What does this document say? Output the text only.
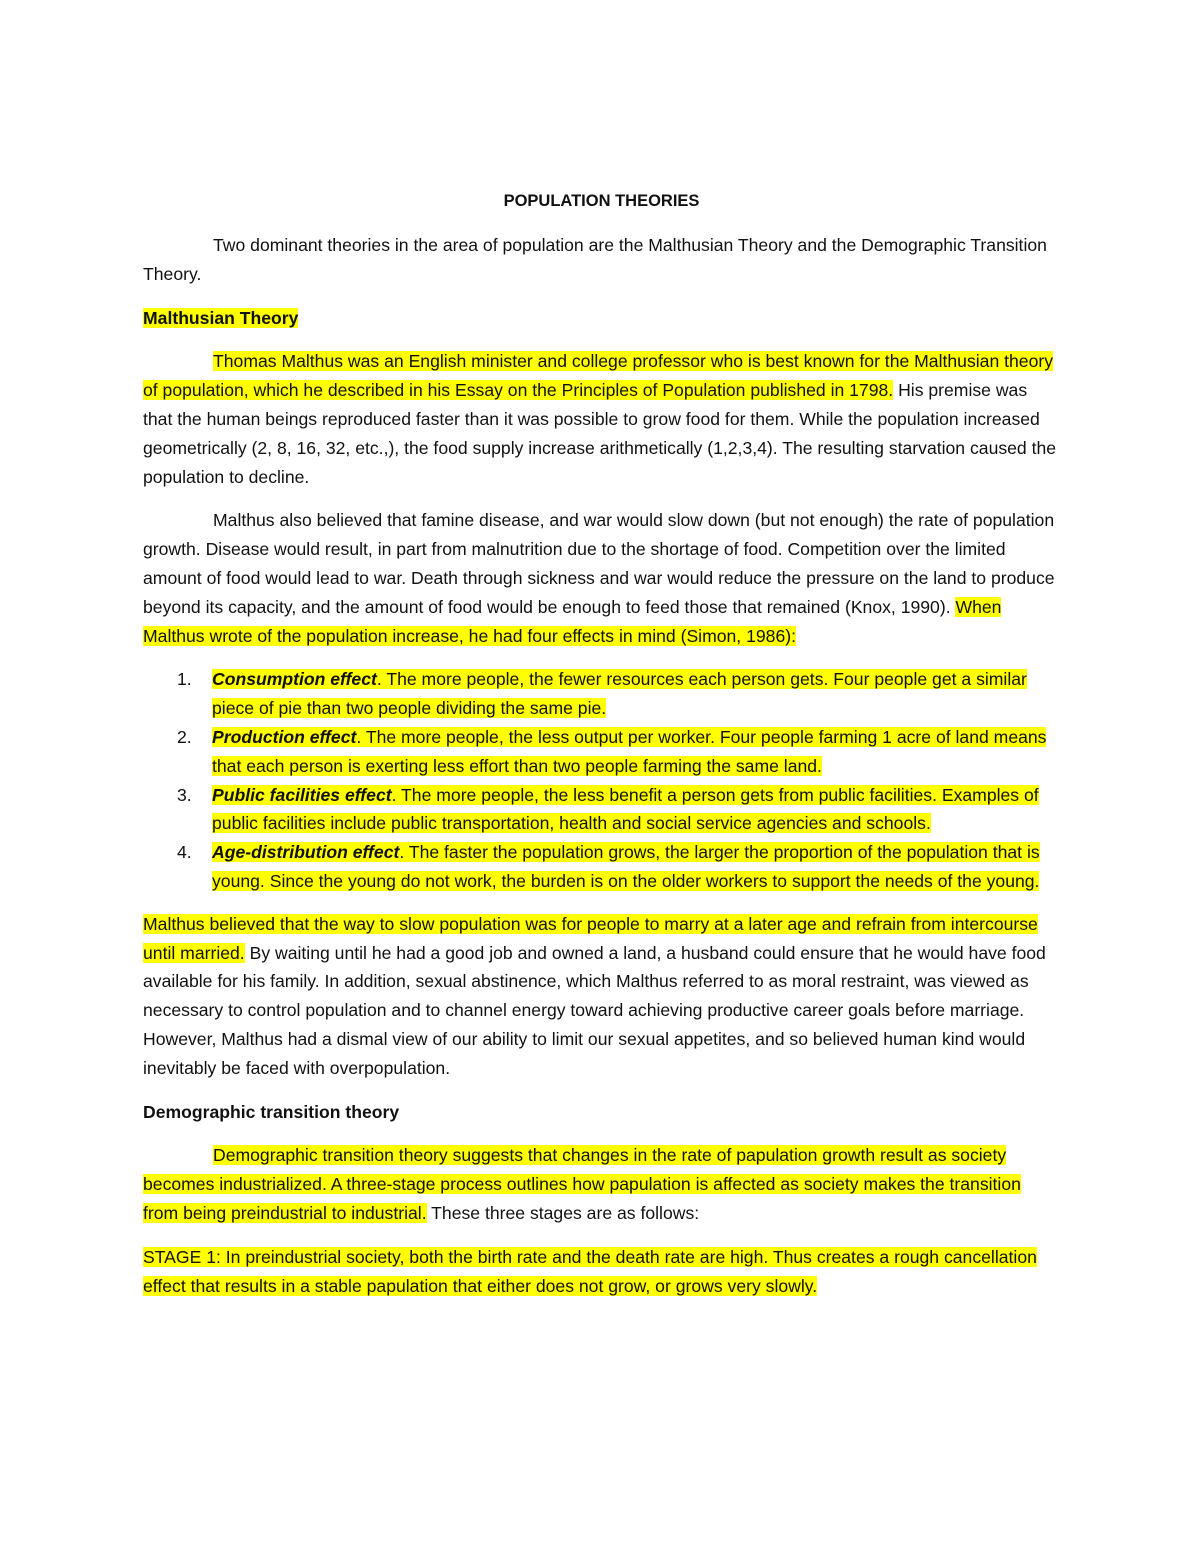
POPULATION THEORIES

Two dominant theories in the area of population are the Malthusian Theory and the Demographic Transition Theory.

Malthusian Theory

Thomas Malthus was an English minister and college professor who is best known for the Malthusian theory of population, which he described in his Essay on the Principles of Population published in 1798. His premise was that the human beings reproduced faster than it was possible to grow food for them. While the population increased geometrically (2, 8, 16, 32, etc.,), the food supply increase arithmetically (1,2,3,4). The resulting starvation caused the population to decline.

Malthus also believed that famine disease, and war would slow down (but not enough) the rate of population growth. Disease would result, in part from malnutrition due to the shortage of food. Competition over the limited amount of food would lead to war. Death through sickness and war would reduce the pressure on the land to produce beyond its capacity, and the amount of food would be enough to feed those that remained (Knox, 1990). When Malthus wrote of the population increase, he had four effects in mind (Simon, 1986):

1. Consumption effect. The more people, the fewer resources each person gets. Four people get a similar piece of pie than two people dividing the same pie.
2. Production effect. The more people, the less output per worker. Four people farming 1 acre of land means that each person is exerting less effort than two people farming the same land.
3. Public facilities effect. The more people, the less benefit a person gets from public facilities. Examples of public facilities include public transportation, health and social service agencies and schools.
4. Age-distribution effect. The faster the population grows, the larger the proportion of the population that is young. Since the young do not work, the burden is on the older workers to support the needs of the young.

Malthus believed that the way to slow population was for people to marry at a later age and refrain from intercourse until married. By waiting until he had a good job and owned a land, a husband could ensure that he would have food available for his family. In addition, sexual abstinence, which Malthus referred to as moral restraint, was viewed as necessary to control population and to channel energy toward achieving productive career goals before marriage. However, Malthus had a dismal view of our ability to limit our sexual appetites, and so believed human kind would inevitably be faced with overpopulation.

Demographic transition theory

Demographic transition theory suggests that changes in the rate of papulation growth result as society becomes industrialized. A three-stage process outlines how papulation is affected as society makes the transition from being preindustrial to industrial. These three stages are as follows:

STAGE 1: In preindustrial society, both the birth rate and the death rate are high. Thus creates a rough cancellation effect that results in a stable papulation that either does not grow, or grows very slowly.
